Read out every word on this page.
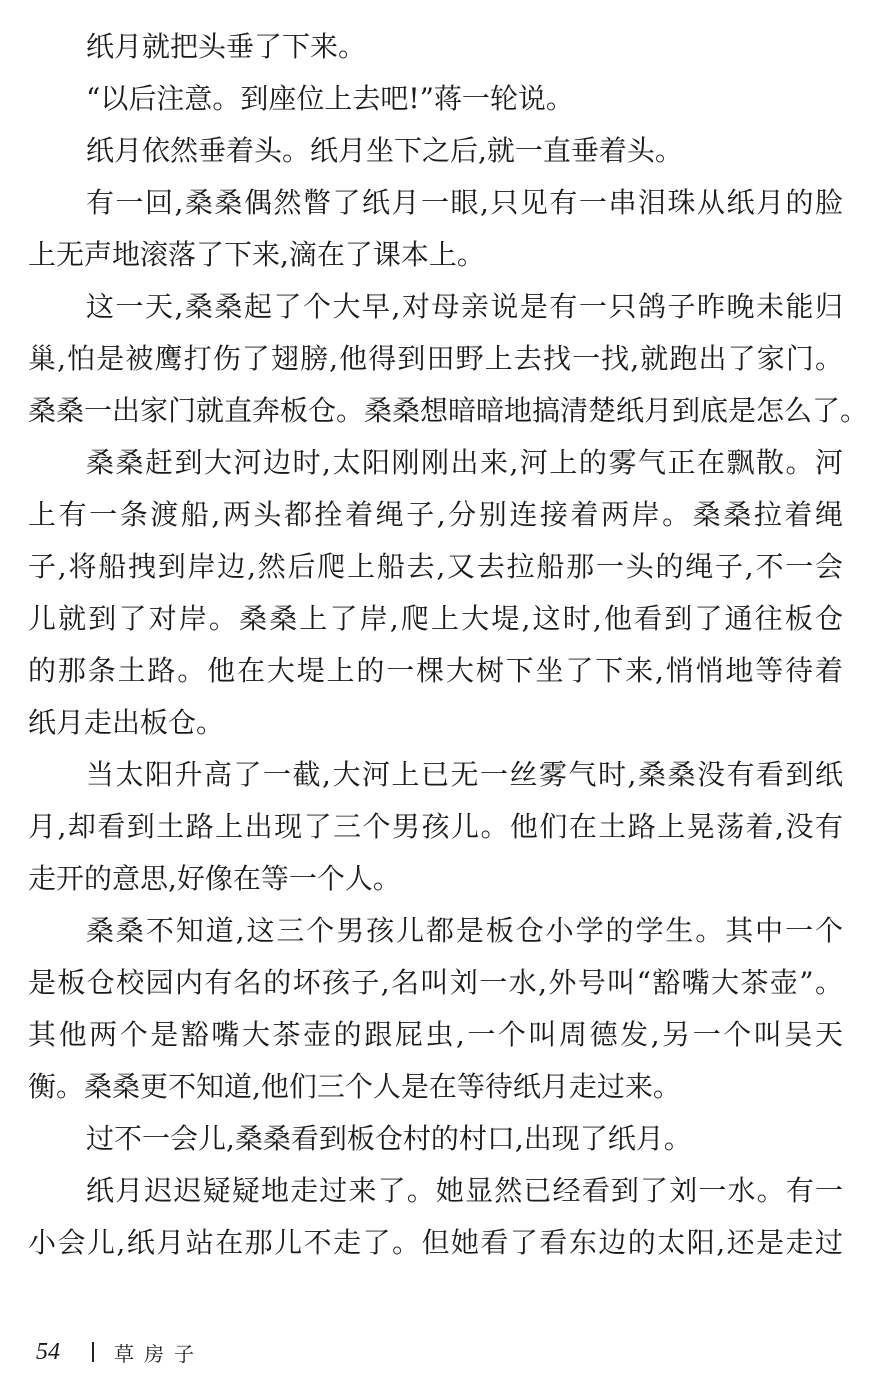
纸月就把头垂了下来。
“以后注意。到座位上去吧!”蒋一轮说。
纸月依然垂着头。纸月坐下之后,就一直垂着头。
有一回,桑桑偶然瞥了纸月一眼,只见有一串泪珠从纸月的脸
上无声地滚落了下来,滴在了课本上。
这一天,桑桑起了个大早,对母亲说是有一只鸽子昨晚未能归
巢,怕是被鹰打伤了翅膀,他得到田野上去找一找,就跑出了家门。
桑桑一出家门就直奔板仓。桑桑想暗暗地搞清楚纸月到底是怎么了。
桑桑赶到大河边时,太阳刚刚出来,河上的雾气正在飘散。河
上有一条渡船,两头都拴着绳子,分别连接着两岸。桑桑拉着绳
子,将船拽到岸边,然后爬上船去,又去拉船那一头的绳子,不一会
儿就到了对岸。桑桑上了岸,爬上大堤,这时,他看到了通往板仓
的那条土路。他在大堤上的一棵大树下坐了下来,悄悄地等待着
纸月走出板仓。
当太阳升高了一截,大河上已无一丝雾气时,桑桑没有看到纸
月,却看到土路上出现了三个男孩儿。他们在土路上晃荡着,没有
走开的意思,好像在等一个人。
桑桑不知道,这三个男孩儿都是板仓小学的学生。其中一个
是板仓校园内有名的坏孩子,名叫刘一水,外号叫“豁嘴大茶壶”。
其他两个是豁嘴大茶壶的跟屁虫,一个叫周德发,另一个叫吴天
衡。桑桑更不知道,他们三个人是在等待纸月走过来。
过不一会儿,桑桑看到板仓村的村口,出现了纸月。
纸月迟迟疑疑地走过来了。她显然已经看到了刘一水。有一
小会儿,纸月站在那儿不走了。但她看了看东边的太阳,还是走过
54	草房子
